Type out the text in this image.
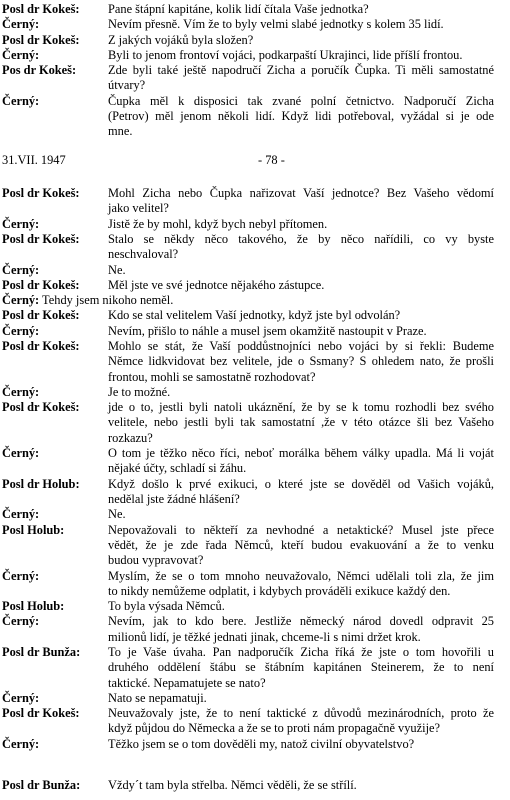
31.VII. 1947	- 78 -
Posl dr Kokeš: Pane štápní kapitáne, kolik lidí čítala Vaše jednotka?
Černý:	Nevím přesně. Vím že to byly velmi slabé jednotky s kolem 35 lidí.
Posl dr Kokeš: Z jakých vojáků byla složen?
Černý:	Byli to jenom frontoví vojáci, podkarpaští Ukrajinci, lide příšlí frontou.
Pos dr Kokeš:	Zde byli také ještě napodručí Zicha a poručík Čupka. Ti měli samostatné
útvary?
Černý:	Čupka měl k disposici tak zvané polní četnictvo. Nadporučí Zicha
(Petrov) měl jenom několi lidí. Když lidi potřeboval, vyžádal si je ode
mne.
Posl dr Kokeš: Mohl Zicha nebo Čupka nařizovat Vaší jednotce? Bez Vašeho vědomí
jako velitel?
Černý:	Jistě že by mohl, když bych nebyl přítomen.
Posl dr Kokeš: Stalo se někdy něco takového, že by něco nařídili, co vy byste
neschvaloval?
Černý:	Ne.
Posl dr Kokeš: Měl jste ve své jednotce nějakého zástupce.
Černý: Tehdy jsem nikoho neměl.
Posl dr Kokeš: Kdo se stal velitelem Vaší jednotky, když jste byl odvolán?
Černý:	Nevím, přišlo to náhle a musel jsem okamžitě nastoupit v Praze.
Posl dr Kokeš: Mohlo se stát, že Vaší poddůstnojníci nebo vojáci by si řekli: Budeme
Němce lidkvidovat bez velitele, jde o Ssmany? S ohledem nato, že prošli
frontou, mohli se samostatně rozhodovat?
Černý:	Je to možné.
Posl dr Kokeš: jde o to, jestli byli natoli ukáznění, že by se k tomu rozhodli bez svého
velitele, nebo jestli byli tak samostatní ,že v této otázce šli bez Vašeho
rozkazu?
Černý:	O tom je těžko něco říci, neboť morálka během války upadla. Má li voját
nějaké účty, schladí si žáhu.
Posl dr Holub: Když došlo k prvé exikuci, o které jste se dověděl od Vašich vojáků,
nedělal jste žádné hlášení?
Černý:	Ne.
Posl Holub:	Nepovažovali to někteří za nevhodné a netaktické? Musel jste přece
vědět, že je zde řada Němců, kteří budou evakuování a že to venku
budou vypravovat?
Černý:	Myslím, že se o tom mnoho neuvažovalo, Němci udělali toli zla, že jim
to nikdy nemůžeme odplatit, i kdybych prováděli exikuce každý den.
Posl Holub:	To byla výsada Němců.
Černý:	Nevím, jak to kdo bere. Jestliže německý národ dovedl odpravit 25
milionů lidí, je těžké jednati jinak, chceme-li s nimi držet krok.
Posl dr Bunža: To je Vaše úvaha. Pan nadporučík Zicha říká že jste o tom hovořili u
druhého oddělení štábu se štábním kapitánen Steinerem, že to není
taktické. Nepamatujete se nato?
Černý:	Nato se nepamatuji.
Posl dr Kokeš: Neuvažovaly jste, že to není taktické z důvodů mezinárodních, proto že
když půjdou do Německa a že se to proti nám propagačně využije?
Černý:	Těžko jsem se o tom dověděli my, natož civilní obyvatelstvo?
Posl dr Bunža: Vždy´t tam byla střelba. Němci věděli, že se střílí.
